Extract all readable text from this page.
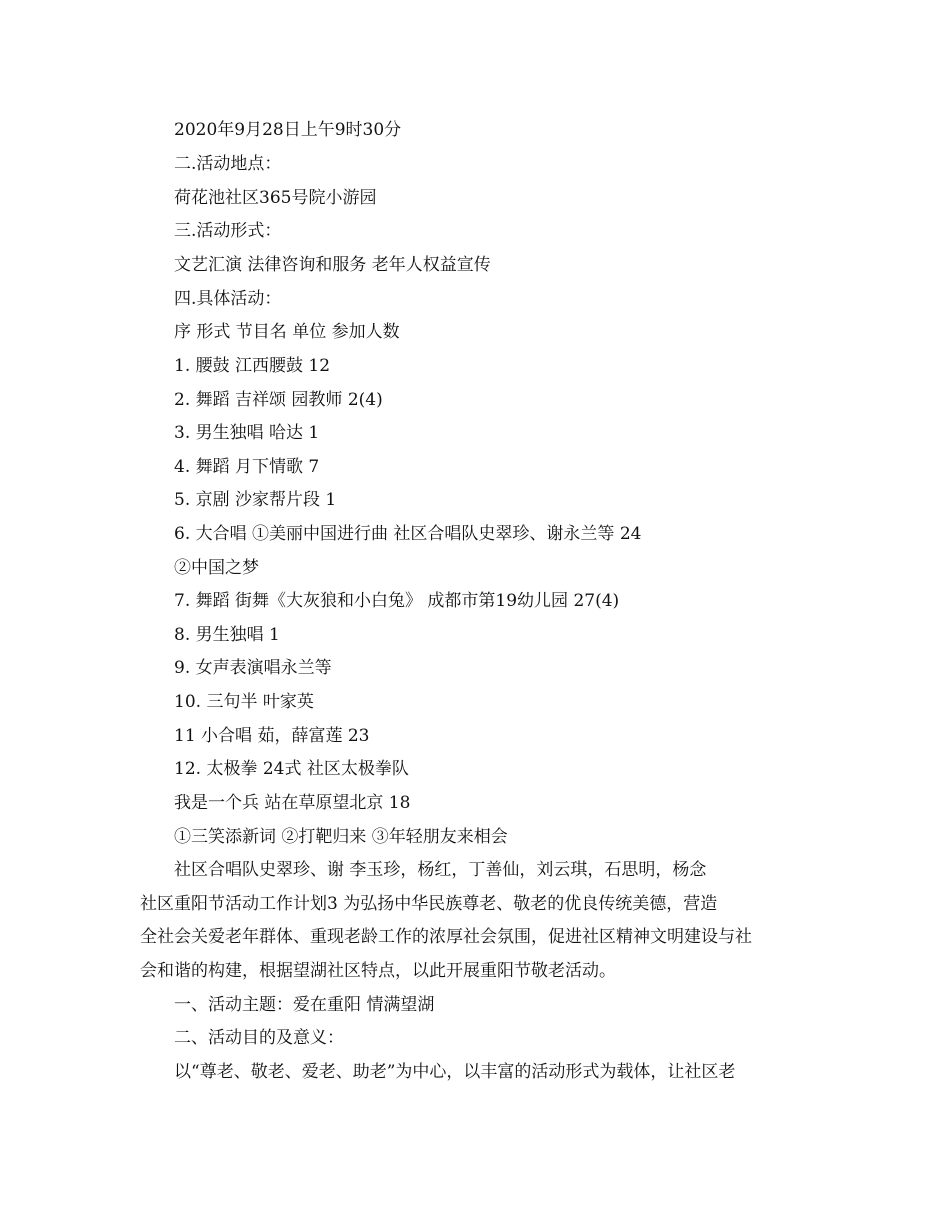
2020年9月28日上午9时30分
二.活动地点：
荷花池社区365号院小游园
三.活动形式：
文艺汇演 法律咨询和服务 老年人权益宣传
四.具体活动：
序 形式 节目名 单位 参加人数
1. 腰鼓 江西腰鼓 12
2. 舞蹈 吉祥颂 园教师 2(4)
3. 男生独唱 哈达 1
4. 舞蹈 月下情歌 7
5. 京剧 沙家帮片段 1
6. 大合唱 ①美丽中国进行曲 社区合唱队史翠珍、谢永兰等 24
②中国之梦
7. 舞蹈 街舞《大灰狼和小白兔》 成都市第19幼儿园 27(4)
8. 男生独唱 1
9. 女声表演唱永兰等
10. 三句半 叶家英
11 小合唱 茹，薛富莲 23
12. 太极拳 24式 社区太极拳队
我是一个兵 站在草原望北京 18
①三笑添新词 ②打靶归来 ③年轻朋友来相会
社区合唱队史翠珍、谢 李玉珍，杨红，丁善仙，刘云琪，石思明，杨念
社区重阳节活动工作计划3 为弘扬中华民族尊老、敬老的优良传统美德，营造
全社会关爱老年群体、重现老龄工作的浓厚社会氛围，促进社区精神文明建设与社
会和谐的构建，根据望湖社区特点，以此开展重阳节敬老活动。
一、活动主题：爱在重阳 情满望湖
二、活动目的及意义：
以“尊老、敬老、爱老、助老”为中心，以丰富的活动形式为载体，让社区老
